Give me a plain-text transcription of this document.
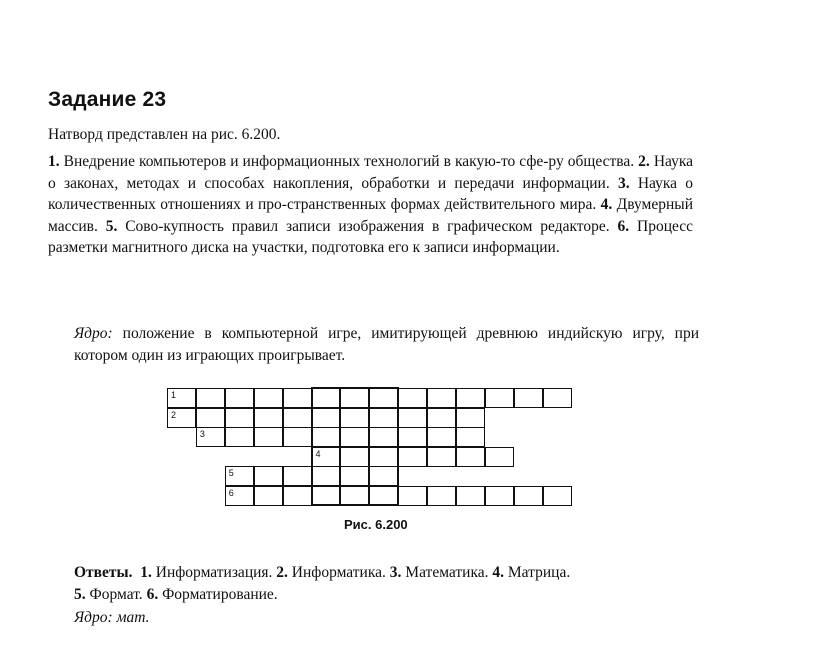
Задание 23
Натворд представлен на рис. 6.200.
1. Внедрение компьютеров и информационных технологий в какую-то сфе-ру общества. 2. Наука о законах, методах и способах накопления, обработки и передачи информации. 3. Наука о количественных отношениях и про-странственных формах действительного мира. 4. Двумерный массив. 5. Сово-купность правил записи изображения в графическом редакторе. 6. Процесс разметки магнитного диска на участки, подготовка его к записи информации.
Ядро: положение в компьютерной игре, имитирующей древнюю индийскую игру, при котором один из играющих проигрывает.
1
2
3
4
5
6
Рис. 6.200
Ответы. 1. Информатизация. 2. Информатика. 3. Математика. 4. Матрица.
5. Формат. 6. Форматирование.
Ядро: мат.
